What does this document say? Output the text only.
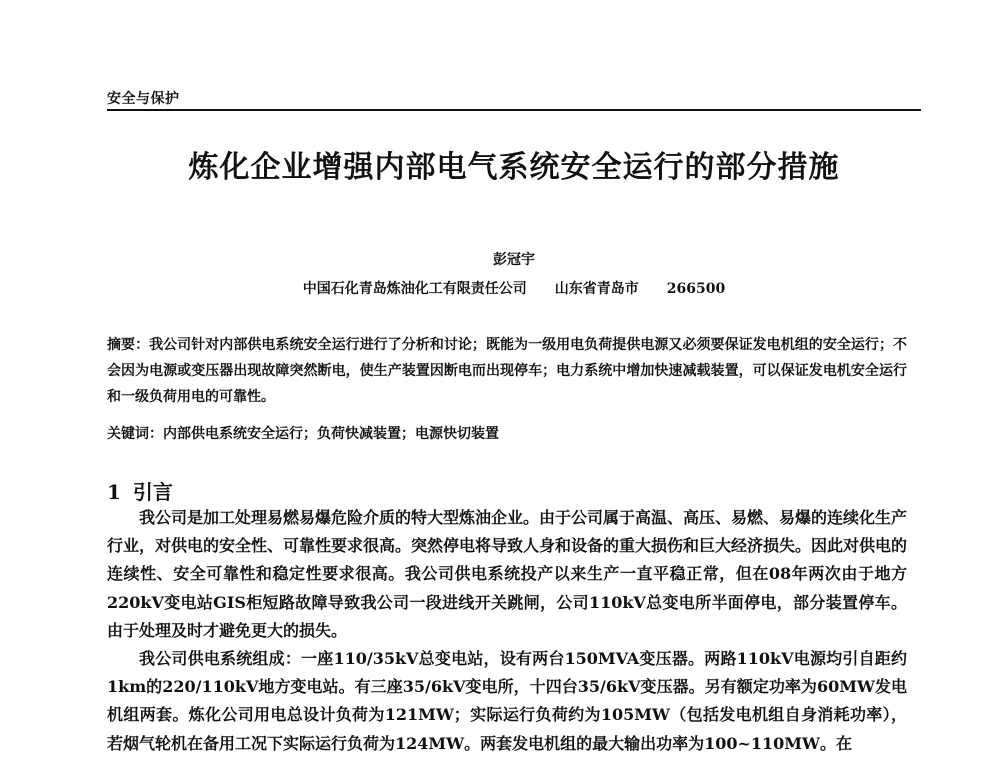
安全与保护
炼化企业增强内部电气系统安全运行的部分措施
彭冠宇
中国石化青岛炼油化工有限责任公司 山东省青岛市 266500
摘要：我公司针对内部供电系统安全运行进行了分析和讨论；既能为一级用电负荷提供电源又必须要保证发电机组的安全运行；不会因为电源或变压器出现故障突然断电，使生产装置因断电而出现停车；电力系统中增加快速减载装置，可以保证发电机安全运行和一级负荷用电的可靠性。
关键词：内部供电系统安全运行；负荷快减装置；电源快切装置
1 引言

我公司是加工处理易燃易爆危险介质的特大型炼油企业。由于公司属于高温、高压、易燃、易爆的连续化生产行业，对供电的安全性、可靠性要求很高。突然停电将导致人身和设备的重大损伤和巨大经济损失。因此对供电的连续性、安全可靠性和稳定性要求很高。我公司供电系统投产以来生产一直平稳正常，但在08年两次由于地方220kV变电站GIS柜短路故障导致我公司一段进线开关跳闸，公司110kV总变电所半面停电，部分装置停车。由于处理及时才避免更大的损失。

我公司供电系统组成：一座110/35kV总变电站，设有两台150MVA变压器。两路110kV电源均引自距约1km的220/110kV地方变电站。有三座35/6kV变电所，十四台35/6kV变压器。另有额定功率为60MW发电机组两套。炼化公司用电总设计负荷为121MW；实际运行负荷约为105MW（包括发电机组自身消耗功率），若烟气轮机在备用工况下实际运行负荷为124MW。两套发电机组的最大输出功率为100~110MW。在
